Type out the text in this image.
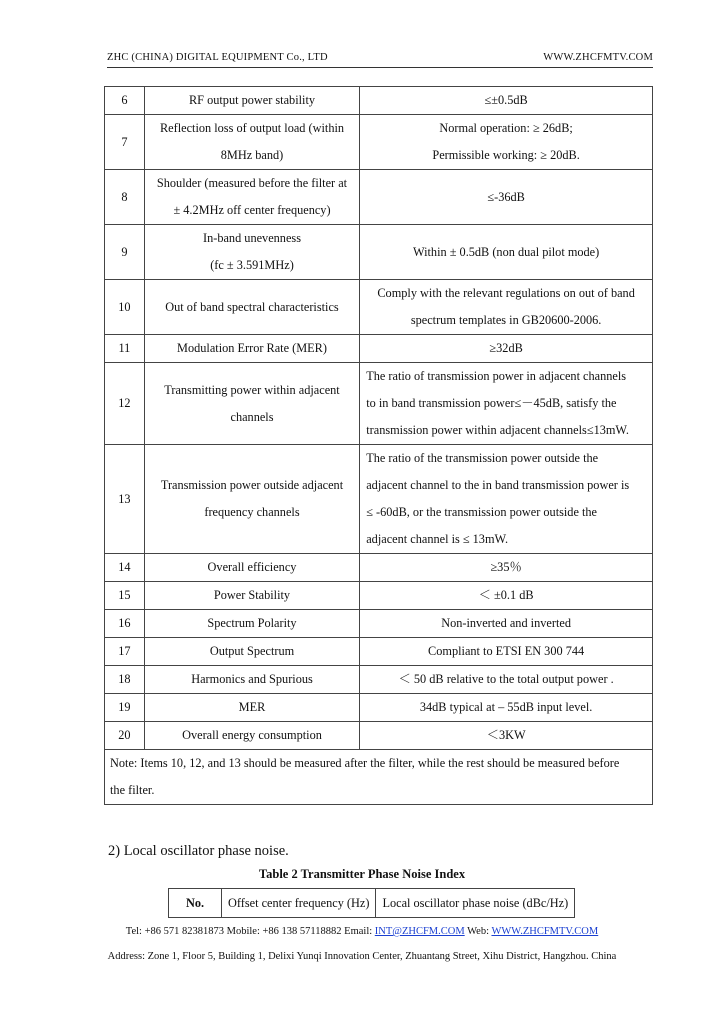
ZHC (CHINA) DIGITAL EQUIPMENT Co., LTD	WWW.ZHCFMTV.COM
6	RF output power stability	≤±0.5dB

7	Reflection loss of output load (within
8MHz band)	Normal operation: ≥ 26dB;
Permissible working: ≥ 20dB.

8	Shoulder (measured before the filter at
± 4.2MHz off center frequency)	≤-36dB

9	In-band unevenness
(fc ± 3.591MHz)	Within ± 0.5dB (non dual pilot mode)

10	Out of band spectral characteristics	Comply with the relevant regulations on out of band
spectrum templates in GB20600-2006.

11	Modulation Error Rate (MER)	≥32dB

12	Transmitting power within adjacent
channels	The ratio of transmission power in adjacent channels
to in band transmission power≤－45dB, satisfy the
transmission power within adjacent channels≤13mW.

13	Transmission power outside adjacent
frequency channels	The ratio of the transmission power outside the
adjacent channel to the in band transmission power is
≤ -60dB, or the transmission power outside the
adjacent channel is ≤ 13mW.

14	Overall efficiency	≥35％

15	Power Stability	＜ ±0.1 dB

16	Spectrum Polarity	Non-inverted and inverted

17	Output Spectrum	Compliant to ETSI EN 300 744

18	Harmonics and Spurious	＜ 50 dB relative to the total output power .

19	MER	34dB typical at – 55dB input level.

20	Overall energy consumption	＜3KW

Note: Items 10, 12, and 13 should be measured after the filter, while the rest should be measured before
the filter.		
2) Local oscillator phase noise.
Table 2 Transmitter Phase Noise Index
No.	Offset center frequency (Hz)	Local oscillator phase noise (dBc/Hz)
Tel: +86 571 82381873 Mobile: +86 138 57118882 Email: INT@ZHCFM.COM Web: WWW.ZHCFMTV.COM
Address: Zone 1, Floor 5, Building 1, Delixi Yunqi Innovation Center, Zhuantang Street, Xihu District, Hangzhou. China
